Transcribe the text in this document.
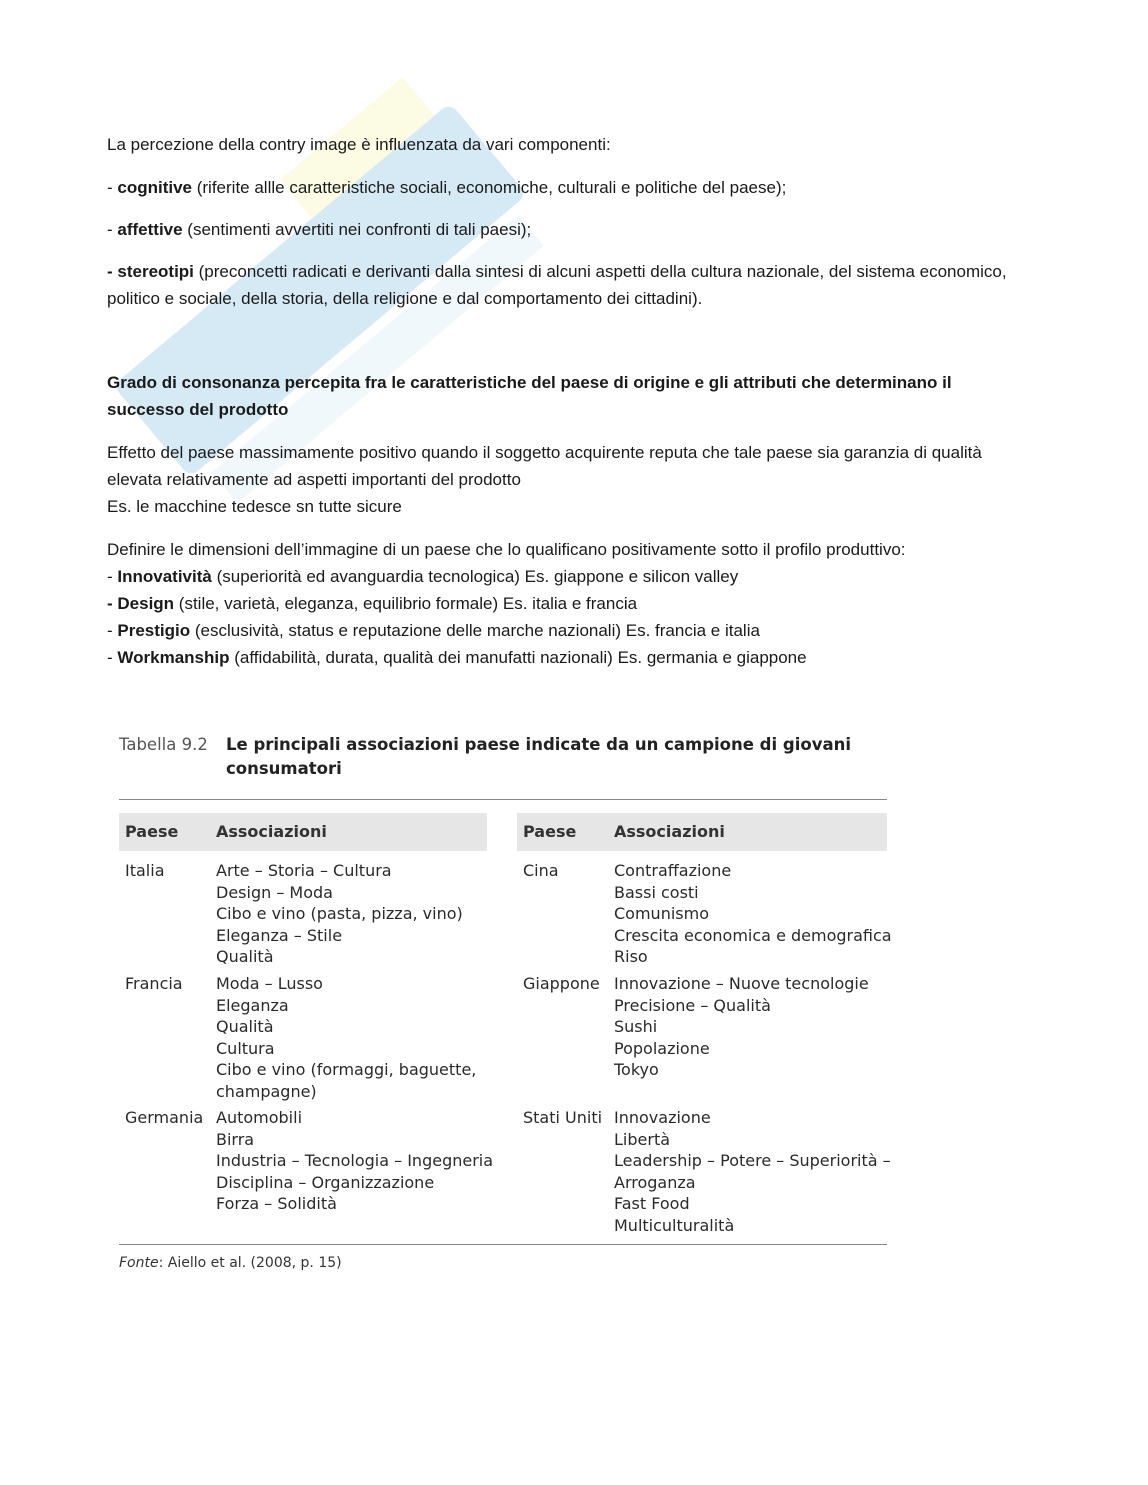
La percezione della contry image è influenzata da vari componenti:

- cognitive (riferite allle caratteristiche sociali, economiche, culturali e politiche del paese);

- affettive (sentimenti avvertiti nei confronti di tali paesi);

- stereotipi (preconcetti radicati e derivanti dalla sintesi di alcuni aspetti della cultura nazionale, del sistema economico, politico e sociale, della storia, della religione e dal comportamento dei cittadini).

Grado di consonanza percepita fra le caratteristiche del paese di origine e gli attributi che determinano il successo del prodotto

Effetto del paese massimamente positivo quando il soggetto acquirente reputa che tale paese sia garanzia di qualità elevata relativamente ad aspetti importanti del prodotto

Es. le macchine tedesce sn tutte sicure

Definire le dimensioni dell’immagine di un paese che lo qualificano positivamente sotto il profilo produttivo:

- Innovatività (superiorità ed avanguardia tecnologica) Es. giappone e silicon valley

- Design (stile, varietà, eleganza, equilibrio formale) Es. italia e francia

- Prestigio (esclusività, status e reputazione delle marche nazionali) Es. francia e italia

- Workmanship (affidabilità, durata, qualità dei manufatti nazionali) Es. germania e giappone

Tabella 9.2 Le principali associazioni paese indicate da un campione di giovani consumatori
Paese Associazioni	Paese Associazioni
Italia	Arte – Storia – Cultura
Design – Moda
Cibo e vino (pasta, pizza, vino)
Eleganza – Stile
Qualità
Francia Moda – Lusso
Eleganza
Qualità
Cultura
Cibo e vino (formaggi, baguette,
champagne)
Germania Automobili
Birra
Industria – Tecnologia – Ingegneria
Disciplina – Organizzazione
Forza – Solidità
Cina	Contraffazione
Bassi costi
Comunismo
Crescita economica e demografica
Riso
Giappone Innovazione – Nuove tecnologie
Precisione – Qualità
Sushi
Popolazione
Tokyo
Stati Uniti Innovazione
Libertà
Leadership – Potere – Superiorità –
Arroganza
Fast Food
Multiculturalità
Fonte: Aiello et al. (2008, p. 15)
